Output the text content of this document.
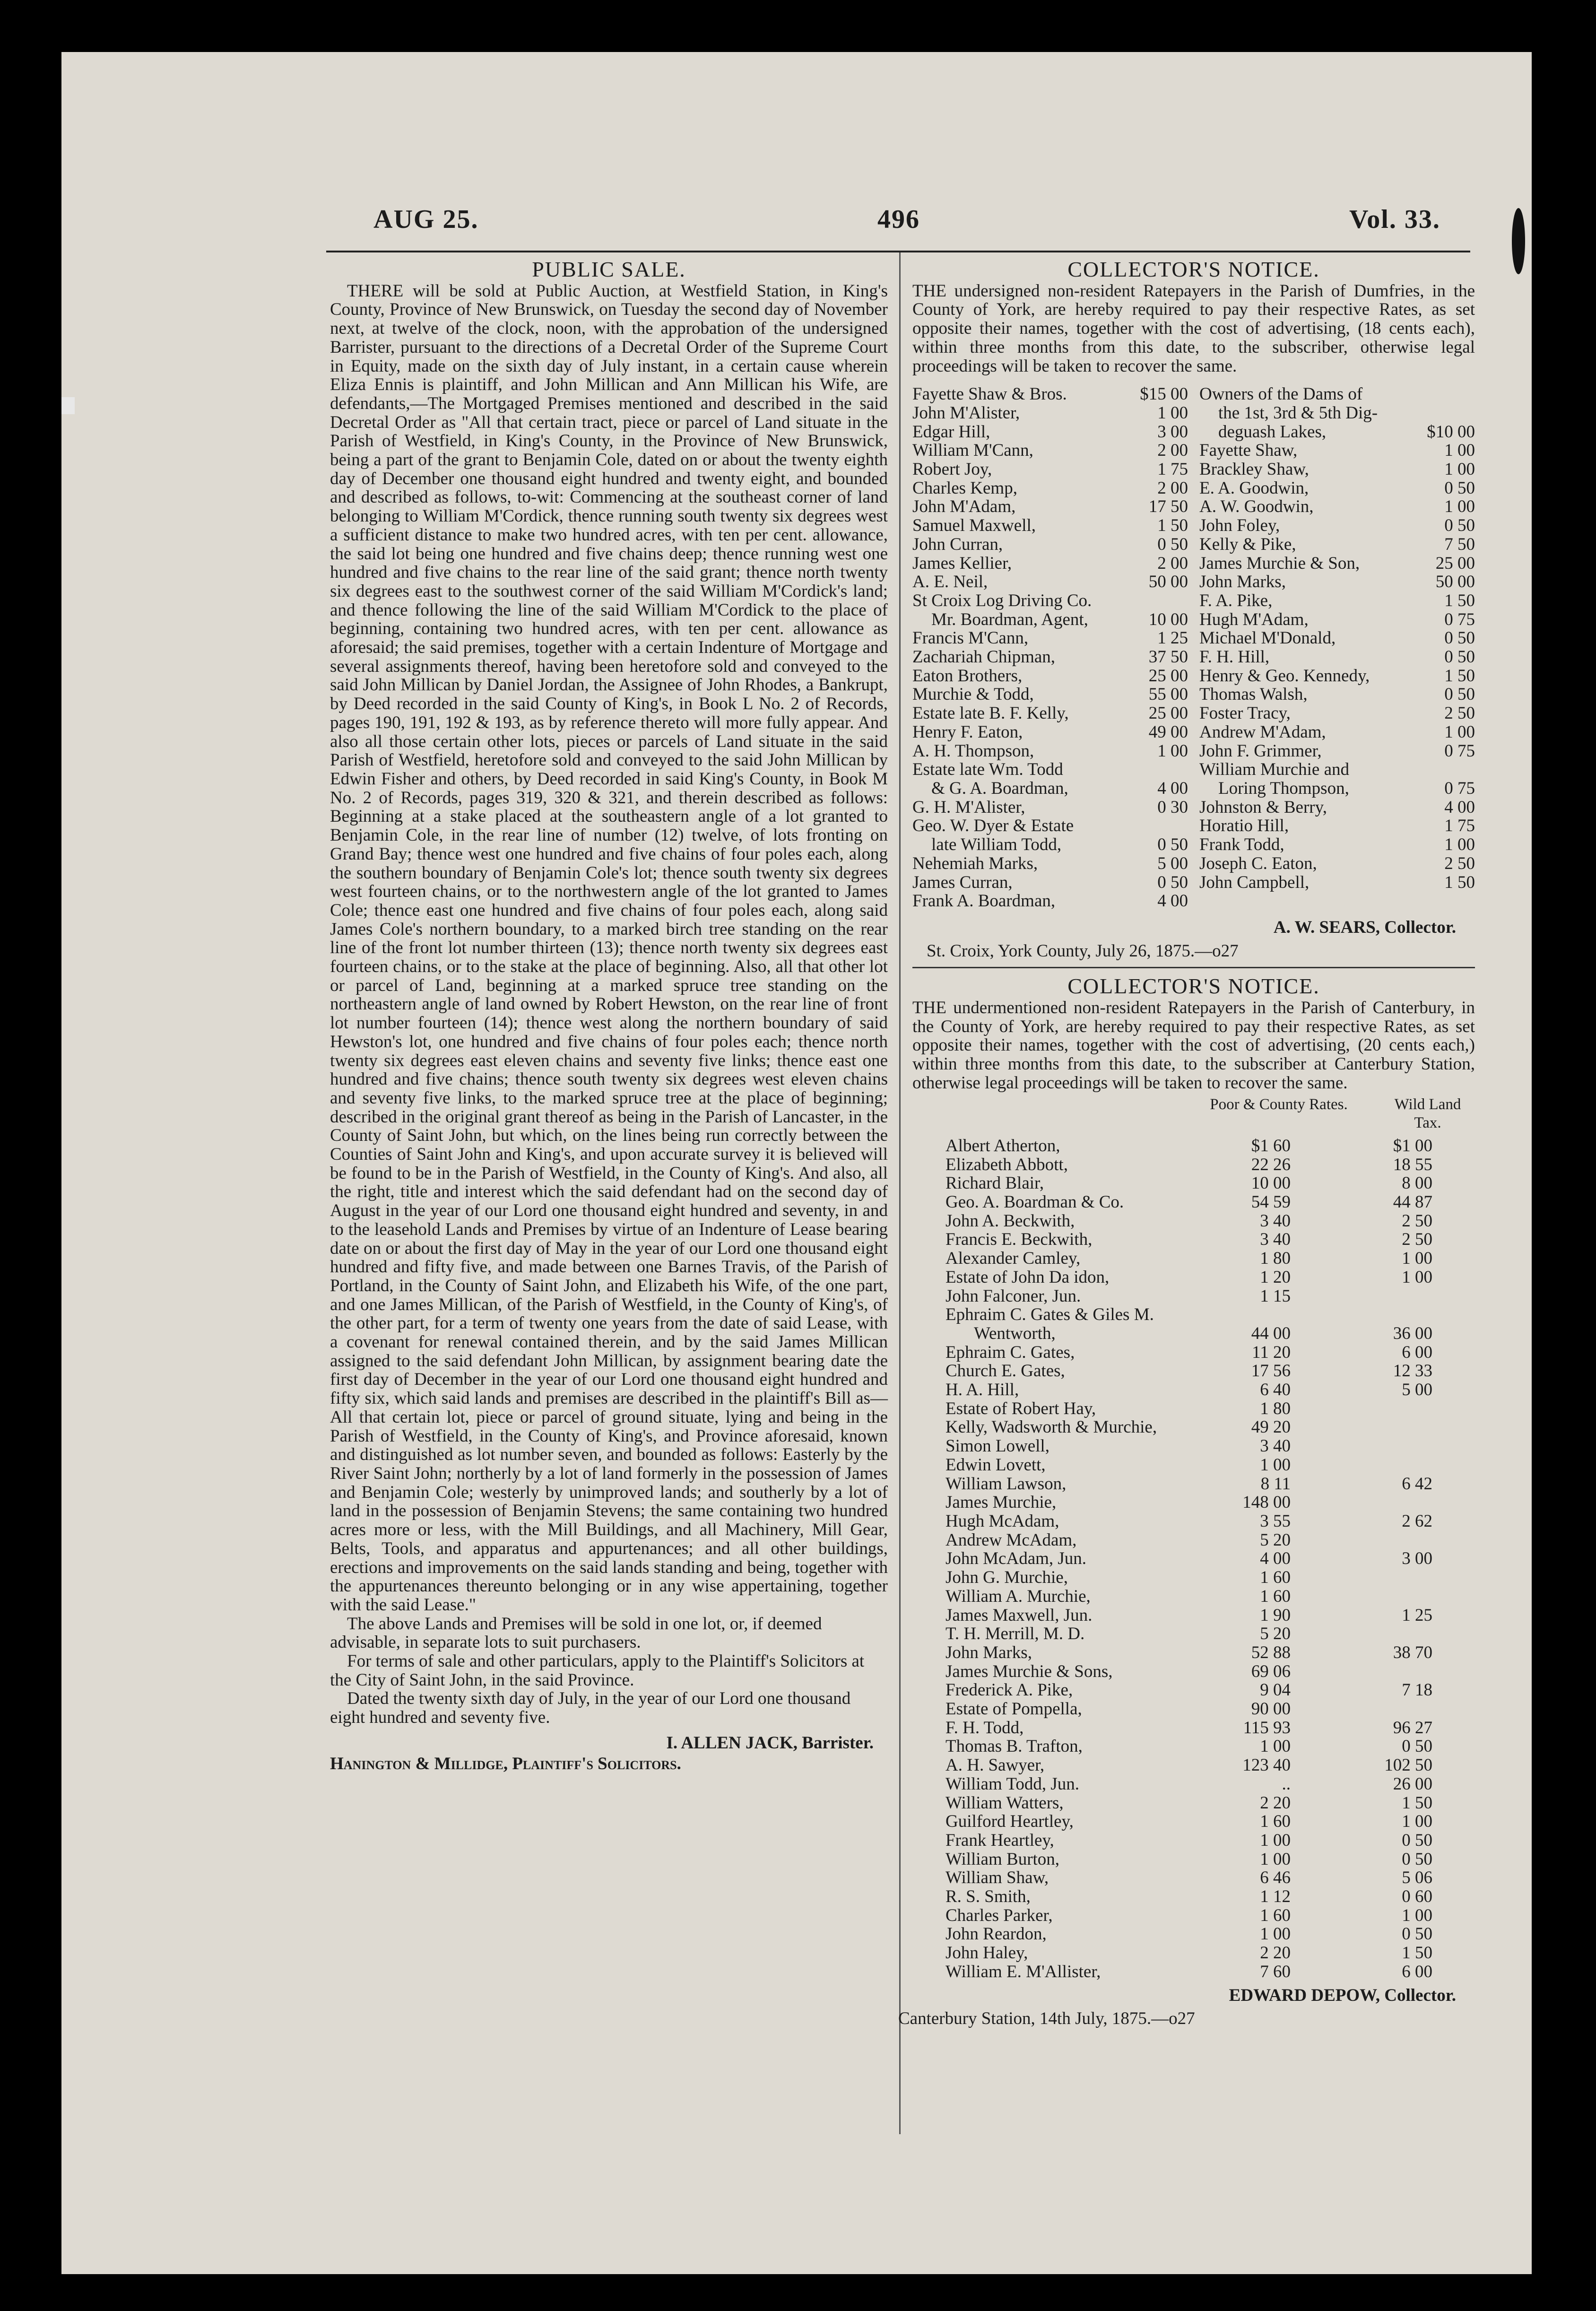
AUG 25.	496	Vol. 33.
PUBLIC SALE.

THERE will be sold at Public Auction, at Westfield Station, in King's County, Province of New Brunswick, on Tuesday the second day of November next, at twelve of the clock, noon, with the approbation of the undersigned Barrister, pursuant to the directions of a Decretal Order of the Supreme Court in Equity, made on the sixth day of July instant, in a certain cause wherein Eliza Ennis is plaintiff, and John Millican and Ann Millican his Wife, are defendants,—The Mortgaged Premises mentioned and described in the said Decretal Order as "All that certain tract, piece or parcel of Land situate in the Parish of Westfield, in King's County, in the Province of New Brunswick, being a part of the grant to Benjamin Cole, dated on or about the twenty eighth day of December one thousand eight hundred and twenty eight, and bounded and described as follows, to-wit: Commencing at the southeast corner of land belonging to William M'Cordick, thence running south twenty six degrees west a sufficient distance to make two hundred acres, with ten per cent. allowance, the said lot being one hundred and five chains deep; thence running west one hundred and five chains to the rear line of the said grant; thence north twenty six degrees east to the southwest corner of the said William M'Cordick's land; and thence following the line of the said William M'Cordick to the place of beginning, containing two hundred acres, with ten per cent. allowance as aforesaid; the said premises, together with a certain Indenture of Mortgage and several assignments thereof, having been heretofore sold and conveyed to the said John Millican by Daniel Jordan, the Assignee of John Rhodes, a Bankrupt, by Deed recorded in the said County of King's, in Book L No. 2 of Records, pages 190, 191, 192 & 193, as by reference thereto will more fully appear. And also all those certain other lots, pieces or parcels of Land situate in the said Parish of Westfield, heretofore sold and conveyed to the said John Millican by Edwin Fisher and others, by Deed recorded in said King's County, in Book M No. 2 of Records, pages 319, 320 & 321, and therein described as follows: Beginning at a stake placed at the southeastern angle of a lot granted to Benjamin Cole, in the rear line of number (12) twelve, of lots fronting on Grand Bay; thence west one hundred and five chains of four poles each, along the southern boundary of Benjamin Cole's lot; thence south twenty six degrees west fourteen chains, or to the northwestern angle of the lot granted to James Cole; thence east one hundred and five chains of four poles each, along said James Cole's northern boundary, to a marked birch tree standing on the rear line of the front lot number thirteen (13); thence north twenty six degrees east fourteen chains, or to the stake at the place of beginning. Also, all that other lot or parcel of Land, beginning at a marked spruce tree standing on the northeastern angle of land owned by Robert Hewston, on the rear line of front lot number fourteen (14); thence west along the northern boundary of said Hewston's lot, one hundred and five chains of four poles each; thence north twenty six degrees east eleven chains and seventy five links; thence east one hundred and five chains; thence south twenty six degrees west eleven chains and seventy five links, to the marked spruce tree at the place of beginning; described in the original grant thereof as being in the Parish of Lancaster, in the County of Saint John, but which, on the lines being run correctly between the Counties of Saint John and King's, and upon accurate survey it is believed will be found to be in the Parish of Westfield, in the County of King's. And also, all the right, title and interest which the said defendant had on the second day of August in the year of our Lord one thousand eight hundred and seventy, in and to the leasehold Lands and Premises by virtue of an Indenture of Lease bearing date on or about the first day of May in the year of our Lord one thousand eight hundred and fifty five, and made between one Barnes Travis, of the Parish of Portland, in the County of Saint John, and Elizabeth his Wife, of the one part, and one James Millican, of the Parish of Westfield, in the County of King's, of the other part, for a term of twenty one years from the date of said Lease, with a covenant for renewal contained therein, and by the said James Millican assigned to the said defendant John Millican, by assignment bearing date the first day of December in the year of our Lord one thousand eight hundred and fifty six, which said lands and premises are described in the plaintiff's Bill as—All that certain lot, piece or parcel of ground situate, lying and being in the Parish of Westfield, in the County of King's, and Province aforesaid, known and distinguished as lot number seven, and bounded as follows: Easterly by the River Saint John; northerly by a lot of land formerly in the possession of James and Benjamin Cole; westerly by unimproved lands; and southerly by a lot of land in the possession of Benjamin Stevens; the same containing two hundred acres more or less, with the Mill Buildings, and all Machinery, Mill Gear, Belts, Tools, and apparatus and appurtenances; and all other buildings, erections and improvements on the said lands standing and being, together with the appurtenances thereunto belonging or in any wise appertaining, together with the said Lease."

The above Lands and Premises will be sold in one lot, or, if deemed advisable, in separate lots to suit purchasers.

For terms of sale and other particulars, apply to the Plaintiff's Solicitors at the City of Saint John, in the said Province.

Dated the twenty sixth day of July, in the year of our Lord one thousand eight hundred and seventy five.

I. ALLEN JACK, Barrister.

Hanington & Millidge, Plaintiff's Solicitors.

COLLECTOR'S NOTICE.

THE undersigned non-resident Ratepayers in the Parish of Dumfries, in the County of York, are hereby required to pay their respective Rates, as set opposite their names, together with the cost of advertising, (18 cents each), within three months from this date, to the subscriber, otherwise legal proceedings will be taken to recover the same.

Fayette Shaw & Bros.	$15 00
John M'Alister,	1 00
Edgar Hill,	3 00
William M'Cann,	2 00
Robert Joy,	1 75
Charles Kemp,	2 00
John M'Adam,	17 50
Samuel Maxwell,	1 50
John Curran,	0 50
James Kellier,	2 00
A. E. Neil,	50 00
St Croix Log Driving Co.
Mr. Boardman, Agent,	10 00
Francis M'Cann,	1 25
Zachariah Chipman,	37 50
Eaton Brothers,	25 00
Murchie & Todd,	55 00
Estate late B. F. Kelly,	25 00
Henry F. Eaton,	49 00
A. H. Thompson,	1 00
Estate late Wm. Todd
& G. A. Boardman,	4 00
G. H. M'Alister,	0 30
Geo. W. Dyer & Estate
late William Todd,	0 50
Nehemiah Marks,	5 00
James Curran,	0 50
Frank A. Boardman,	4 00
Owners of the Dams of
the 1st, 3rd & 5th Dig-
deguash Lakes,	$10 00
Fayette Shaw,	1 00
Brackley Shaw,	1 00
E. A. Goodwin,	0 50
A. W. Goodwin,	1 00
John Foley,	0 50
Kelly & Pike,	7 50
James Murchie & Son,	25 00
John Marks,	50 00
F. A. Pike,	1 50
Hugh M'Adam,	0 75
Michael M'Donald,	0 50
F. H. Hill,	0 50
Henry & Geo. Kennedy,	1 50
Thomas Walsh,	0 50
Foster Tracy,	2 50
Andrew M'Adam,	1 00
John F. Grimmer,	0 75
William Murchie and
Loring Thompson,	0 75
Johnston & Berry,	4 00
Horatio Hill,	1 75
Frank Todd,	1 00
Joseph C. Eaton,	2 50
John Campbell,	1 50
A. W. SEARS, Collector.
St. Croix, York County, July 26, 1875.—o27
COLLECTOR'S NOTICE.

THE undermentioned non-resident Ratepayers in the Parish of Canterbury, in the County of York, are hereby required to pay their respective Rates, as set opposite their names, together with the cost of advertising, (20 cents each,) within three months from this date, to the subscriber at Canterbury Station, otherwise legal proceedings will be taken to recover the same.

Poor & County Rates.	Wild Land Tax.
Albert Atherton,	$1 60	$1 00
Elizabeth Abbott,	22 26	18 55
Richard Blair,	10 00	8 00
Geo. A. Boardman & Co.	54 59	44 87
John A. Beckwith,	3 40	2 50
Francis E. Beckwith,	3 40	2 50
Alexander Camley,	1 80	1 00
Estate of John Da idon,	1 20	1 00
John Falconer, Jun.	1 15
Ephraim C. Gates & Giles M.
Wentworth,	44 00	36 00
Ephraim C. Gates,	11 20	6 00
Church E. Gates,	17 56	12 33
H. A. Hill,	6 40	5 00
Estate of Robert Hay,	1 80
Kelly, Wadsworth & Murchie,	49 20
Simon Lowell,	3 40
Edwin Lovett,	1 00
William Lawson,	8 11	6 42
James Murchie,	148 00
Hugh McAdam,	3 55	2 62
Andrew McAdam,	5 20
John McAdam, Jun.	4 00	3 00
John G. Murchie,	1 60
William A. Murchie,	1 60
James Maxwell, Jun.	1 90	1 25
T. H. Merrill, M. D.	5 20
John Marks,	52 88	38 70
James Murchie & Sons,	69 06
Frederick A. Pike,	9 04	7 18
Estate of Pompella,	90 00
F. H. Todd,	115 93	96 27
Thomas B. Trafton,	1 00	0 50
A. H. Sawyer,	123 40	102 50
William Todd, Jun.	..	26 00
William Watters,	2 20	1 50
Guilford Heartley,	1 60	1 00
Frank Heartley,	1 00	0 50
William Burton,	1 00	0 50
William Shaw,	6 46	5 06
R. S. Smith,	1 12	0 60
Charles Parker,	1 60	1 00
John Reardon,	1 00	0 50
John Haley,	2 20	1 50
William E. M'Allister,	7 60	6 00
EDWARD DEPOW, Collector.
Canterbury Station, 14th July, 1875.—o27
